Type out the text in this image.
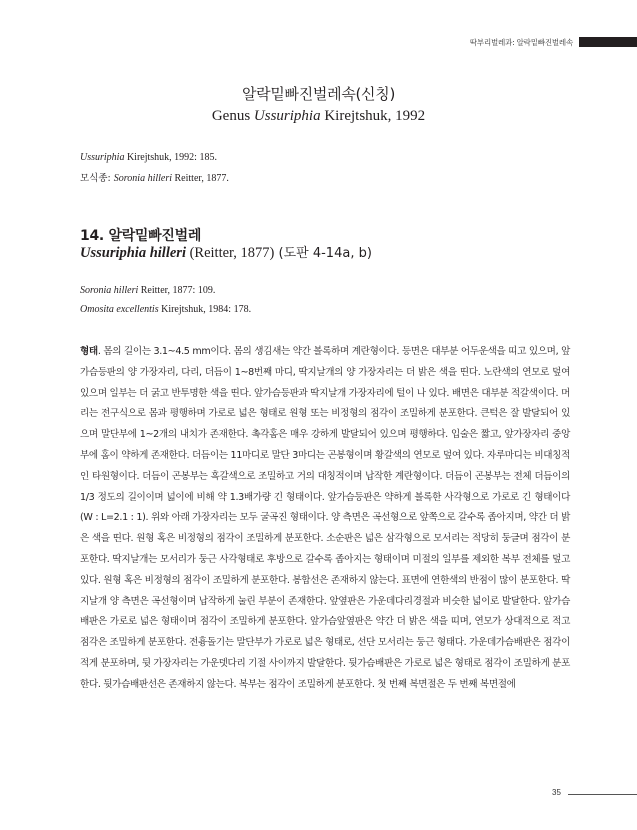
딱부리벌레과: 알락밑빠진벌레속
알락밑빠진벌레속(신칭)
Genus Ussuriphia Kirejtshuk, 1992
Ussuriphia Kirejtshuk, 1992: 185.
모식종: Soronia hilleri Reitter, 1877.
14. 알락밑빠진벌레
Ussuriphia hilleri (Reitter, 1877) (도판 4-14a, b)
Soronia hilleri Reitter, 1877: 109.
Omosita excellentis Kirejtshuk, 1984: 178.
형태. 몸의 길이는 3.1~4.5 mm이다. 몸의 생김새는 약간 볼록하며 계란형이다. 등면은 대부분 어두운색을 띠고 있으며, 앞가슴등판의 양 가장자리, 다리, 더듬이 1~8번째 마디, 딱지날개의 양 가장자리는 더 밝은 색을 띤다. 노란색의 연모로 덮여 있으며 일부는 더 굵고 반투명한 색을 띤다. 앞가슴등판과 딱지날개 가장자리에 털이 나 있다. 배면은 대부분 적갈색이다. 머리는 전구식으로 몸과 평행하며 가로로 넓은 형태로 원형 또는 비정형의 점각이 조밀하게 분포한다. 큰턱은 잘 발달되어 있으며 말단부에 1~2개의 내치가 존재한다. 촉각홈은 매우 강하게 발달되어 있으며 평행하다. 입술은 짧고, 앞가장자리 중앙부에 홈이 약하게 존재한다. 더듬이는 11마디로 말단 3마디는 곤봉형이며 황갈색의 연모로 덮여 있다. 자루마디는 비대칭적인 타원형이다. 더듬이 곤봉부는 흑갈색으로 조밀하고 거의 대칭적이며 납작한 계란형이다. 더듬이 곤봉부는 전체 더듬이의 1/3 정도의 길이이며 넓이에 비해 약 1.3배가량 긴 형태이다. 앞가슴등판은 약하게 볼록한 사각형으로 가로로 긴 형태이다(W : L=2.1 : 1). 위와 아래 가장자리는 모두 굴곡진 형태이다. 양 측면은 곡선형으로 앞쪽으로 갈수록 좁아지며, 약간 더 밝은 색을 띤다. 원형 혹은 비정형의 점각이 조밀하게 분포한다. 소순판은 넓은 삼각형으로 모서리는 적당히 둥글며 점각이 분포한다. 딱지날개는 모서리가 둥근 사각형태로 후방으로 갈수록 좁아지는 형태이며 미절의 일부를 제외한 복부 전체를 덮고 있다. 원형 혹은 비정형의 점각이 조밀하게 분포한다. 봉합선은 존재하지 않는다. 표면에 연한색의 반점이 많이 분포한다. 딱지날개 양 측면은 곡선형이며 납작하게 눌린 부분이 존재한다. 앞옆판은 가운데다리경절과 비슷한 넓이로 발달한다. 앞가슴배판은 가로로 넓은 형태이며 점각이 조밀하게 분포한다. 앞가슴앞옆판은 약간 더 밝은 색을 띠며, 연모가 상대적으로 적고 점각은 조밀하게 분포한다. 전흉돌기는 말단부가 가로로 넓은 형태로, 선단 모서리는 둥근 형태다. 가운데가슴배판은 점각이 적게 분포하며, 뒷 가장자리는 가운뎃다리 기절 사이까지 발달한다. 뒷가슴배판은 가로로 넓은 형태로 점각이 조밀하게 분포한다. 뒷가슴배판선은 존재하지 않는다. 복부는 점각이 조밀하게 분포한다. 첫 번째 복면절은 두 번째 복면절에
35
